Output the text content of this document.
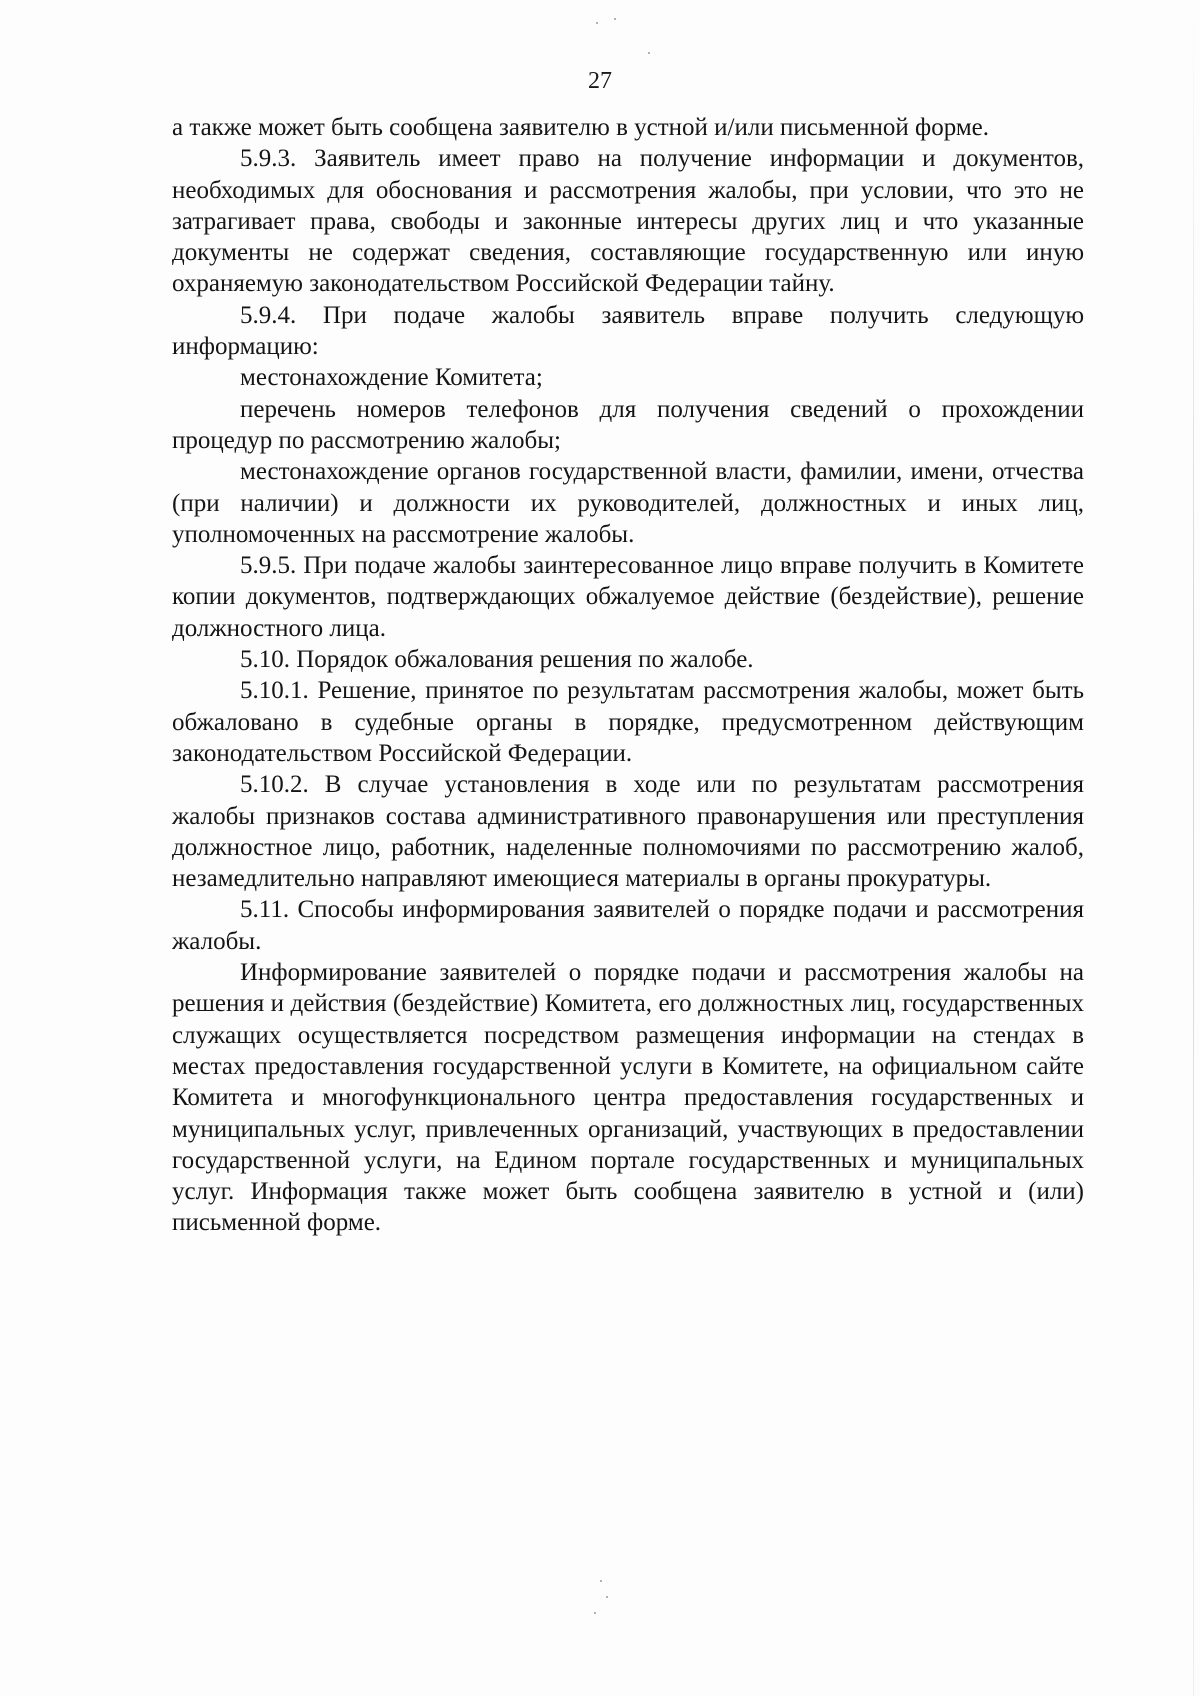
27

а также может быть сообщена заявителю в устной и/или письменной форме.

5.9.3. Заявитель имеет право на получение информации и документов, необходимых для обоснования и рассмотрения жалобы, при условии, что это не затрагивает права, свободы и законные интересы других лиц и что указанные документы не содержат сведения, составляющие государственную или иную охраняемую законодательством Российской Федерации тайну.

5.9.4. При подаче жалобы заявитель вправе получить следующую информацию:

местонахождение Комитета;

перечень номеров телефонов для получения сведений о прохождении процедур по рассмотрению жалобы;

местонахождение органов государственной власти, фамилии, имени, отчества (при наличии) и должности их руководителей, должностных и иных лиц, уполномоченных на рассмотрение жалобы.

5.9.5. При подаче жалобы заинтересованное лицо вправе получить в Комитете копии документов, подтверждающих обжалуемое действие (бездействие), решение должностного лица.

5.10. Порядок обжалования решения по жалобе.

5.10.1. Решение, принятое по результатам рассмотрения жалобы, может быть обжаловано в судебные органы в порядке, предусмотренном действующим законодательством Российской Федерации.

5.10.2. В случае установления в ходе или по результатам рассмотрения жалобы признаков состава административного правонарушения или преступления должностное лицо, работник, наделенные полномочиями по рассмотрению жалоб, незамедлительно направляют имеющиеся материалы в органы прокуратуры.

5.11. Способы информирования заявителей о порядке подачи и рассмотрения жалобы.

Информирование заявителей о порядке подачи и рассмотрения жалобы на решения и действия (бездействие) Комитета, его должностных лиц, государственных служащих осуществляется посредством размещения информации на стендах в местах предоставления государственной услуги в Комитете, на официальном сайте Комитета и многофункционального центра предоставления государственных и муниципальных услуг, привлеченных организаций, участвующих в предоставлении государственной услуги, на Едином портале государственных и муниципальных услуг. Информация также может быть сообщена заявителю в устной и (или) письменной форме.
